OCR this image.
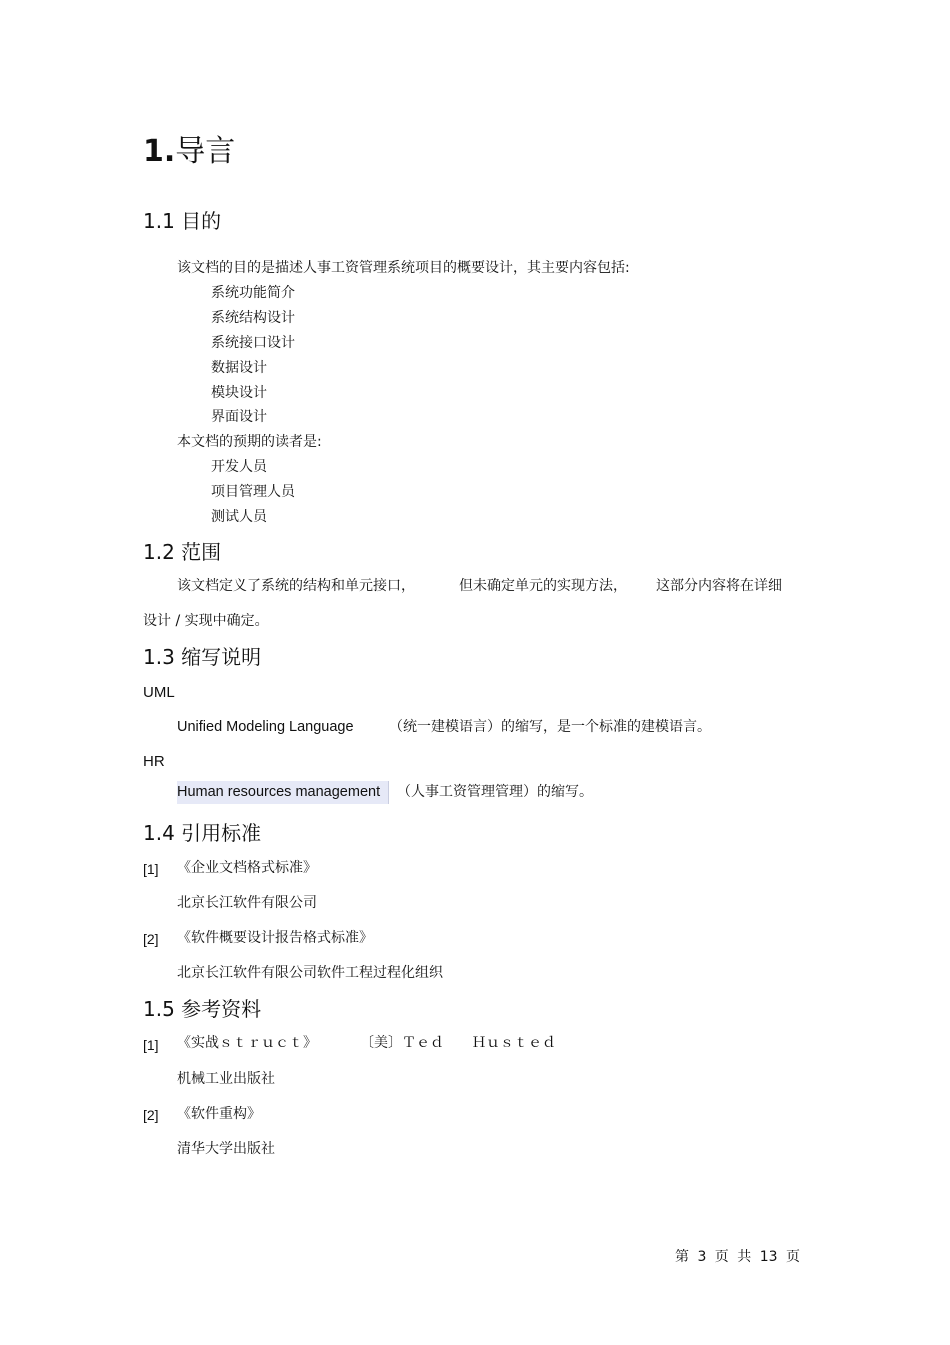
1.导言
1.1 目的
该文档的目的是描述人事工资管理系统项目的概要设计，其主要内容包括:
系统功能简介
系统结构设计
系统接口设计
数据设计
模块设计
界面设计
本文档的预期的读者是:
开发人员
项目管理人员
测试人员
1.2 范围
该文档定义了系统的结构和单元接口，	但未确定单元的实现方法， 这部分内容将在详细
设计 / 实现中确定。
1.3 缩写说明
UML
Unified Modeling Language	（统一建模语言）的缩写，是一个标准的建模语言。
HR
Human resources management	（人事工资管理管理）的缩写。
1.4 引用标准
[1] 《企业文档格式标准》
北京长江软件有限公司
[2] 《软件概要设计报告格式标准》
北京长江软件有限公司软件工程过程化组织
1.5 参考资料
[1] 《实战ｓｔｒｕｃｔ》	〔美〕Ｔｅｄ　　Ｈｕｓｔｅｄ
机械工业出版社
[2] 《软件重构》
清华大学出版社
第 3 页 共 13 页
